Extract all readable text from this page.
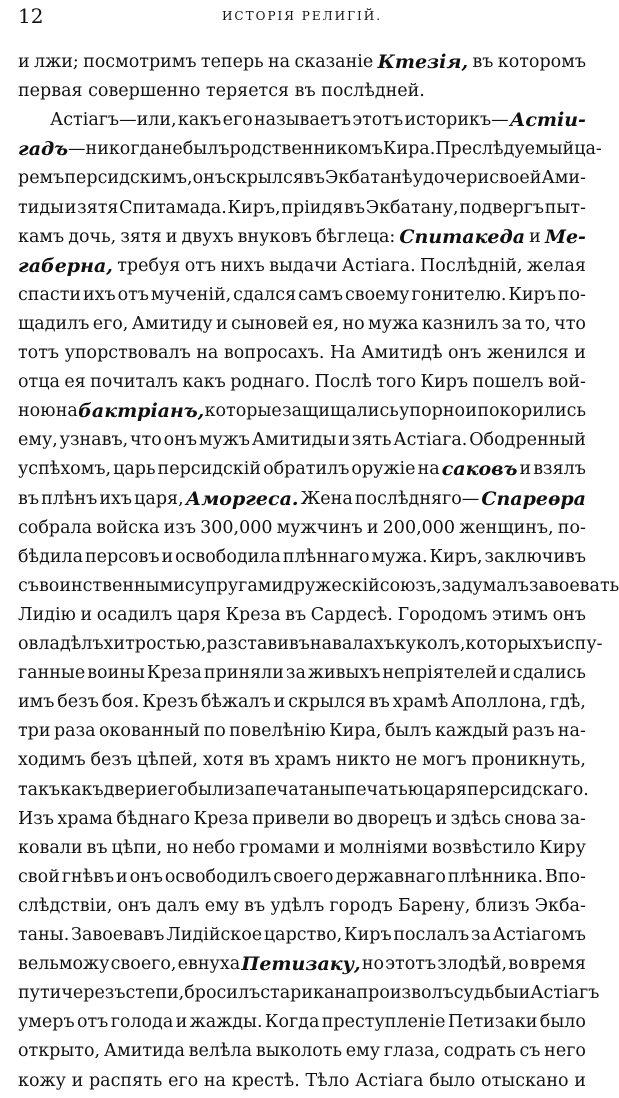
12	ИСТОРІЯ РЕЛИГІЙ.
и лжи; посмотримъ теперь на сказаніе Ктезія, въ которомъ
первая совершенно теряется въ послѣдней.
Астіагъ—или, какъ его называетъ этотъ историкъ— Астіи-
гадъ —никогда не былъ родственникомъ Кира. Преслѣдуемый ца-
ремъ персидскимъ, онъ скрылся въ Экбатанѣ у дочери своей Ами-
тиды и зятя Спитамада. Киръ, пріидя въ Экбатану, подвергъ пыт-
камъ дочь, зятя и двухъ внуковъ бѣглеца: Спитакеда и Ме-
габерна, требуя отъ нихъ выдачи Астіага. Послѣдній, желая
спасти ихъ отъ мученій, сдался самъ своему гонителю. Киръ по-
щадилъ его, Амитиду и сыновей ея, но мужа казнилъ за то, что
тотъ упорствовалъ на вопросахъ. На Амитидѣ онъ женился и
отца ея почиталъ какъ роднаго. Послѣ того Киръ пошелъ вой-
ною на бактріанъ, которые защищались упорно и покорились
ему, узнавъ, что онъ мужъ Амитиды и зять Астіага. Ободренный
успѣхомъ, царь персидскій обратилъ оружіе на саковъ и взялъ
въ плѣнъ ихъ царя, Аморгеса. Жена послѣдняго— Спареѳра
собрала войска изъ 300,000 мужчинъ и 200,000 женщинъ, по-
бѣдила персовъ и освободила плѣннаго мужа. Киръ, заключивъ
съ воинственными супругами дружескій союзъ, задумалъ завоевать
Лидію и осадилъ царя Креза въ Сардесѣ. Городомъ этимъ онъ
овладѣлъ хитростью, разставивъ на валахъ куколъ, которыхъ испу-
ганные воины Креза приняли за живыхъ непріятелей и сдались
имъ безъ боя. Крезъ бѣжалъ и скрылся въ храмѣ Аполлона, гдѣ,
три раза окованный по повелѣнію Кира, былъ каждый разъ на-
ходимъ безъ цѣпей, хотя въ храмъ никто не могъ проникнуть,
такъ какъ двери его были запечатаны печатью царя персидскаго.
Изъ храма бѣднаго Креза привели во дворецъ и здѣсь снова за-
ковали въ цѣпи, но небо громами и молніями возвѣстило Киру
свой гнѣвъ и онъ освободилъ своего державнаго плѣнника. Впо-
слѣдствіи, онъ далъ ему въ удѣлъ городъ Барену, близъ Экба-
таны. Завоевавъ Лидійское царство, Киръ послалъ за Астіагомъ
вельможу своего, евнуха Петизаку, но этотъ злодѣй, во время
пути черезъ степи, бросилъ старика на произволъ судьбы и Астіагъ
умеръ отъ голода и жажды. Когда преступленіе Петизаки было
открыто, Амитида велѣла выколоть ему глаза, содрать съ него
кожу и распять его на крестѣ. Тѣло Астіага было отыскано и
